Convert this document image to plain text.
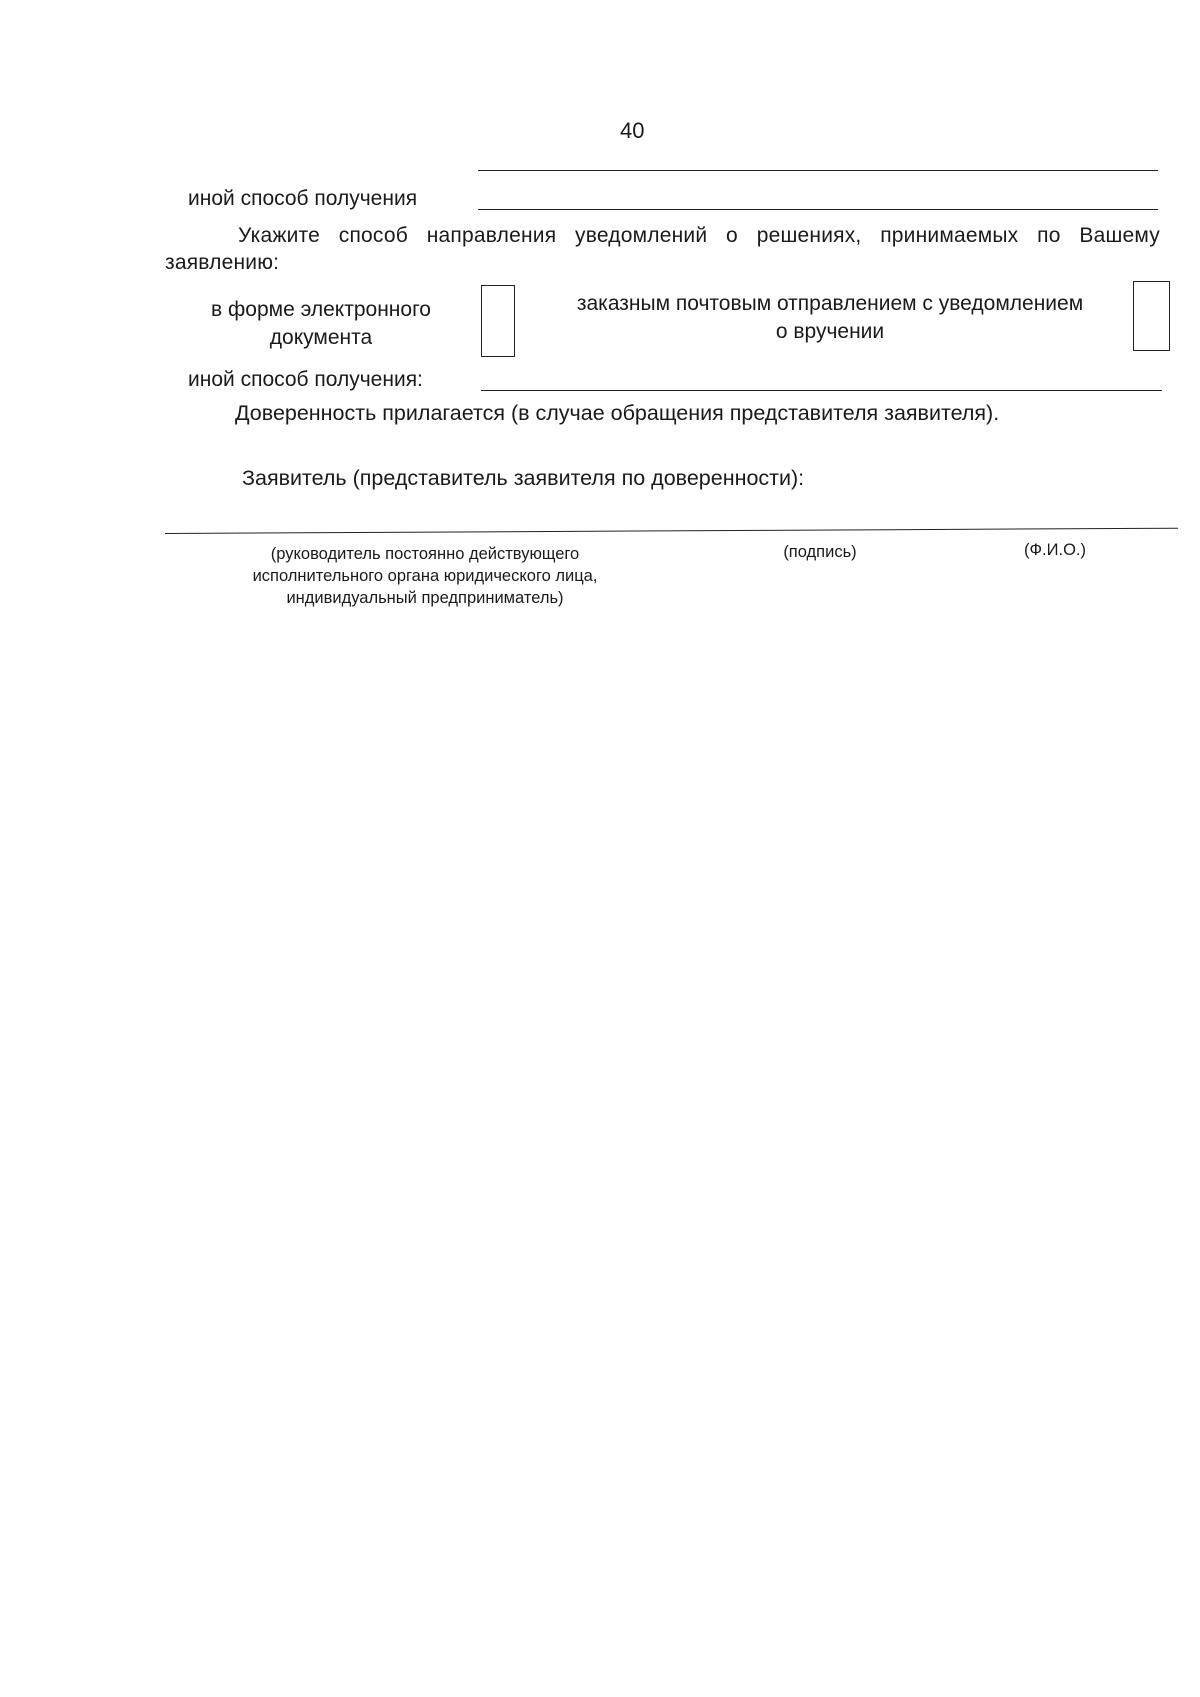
40
иной способ получения
Укажите способ направления уведомлений о решениях, принимаемых по Вашему заявлению:
в форме электронного
документа
заказным почтовым отправлением с уведомлением
о вручении
иной способ получения:
Доверенность прилагается (в случае обращения представителя заявителя).
Заявитель (представитель заявителя по доверенности):
(руководитель постоянно действующего
исполнительного органа юридического лица,
индивидуальный предприниматель)
(подпись)	(Ф.И.О.)
